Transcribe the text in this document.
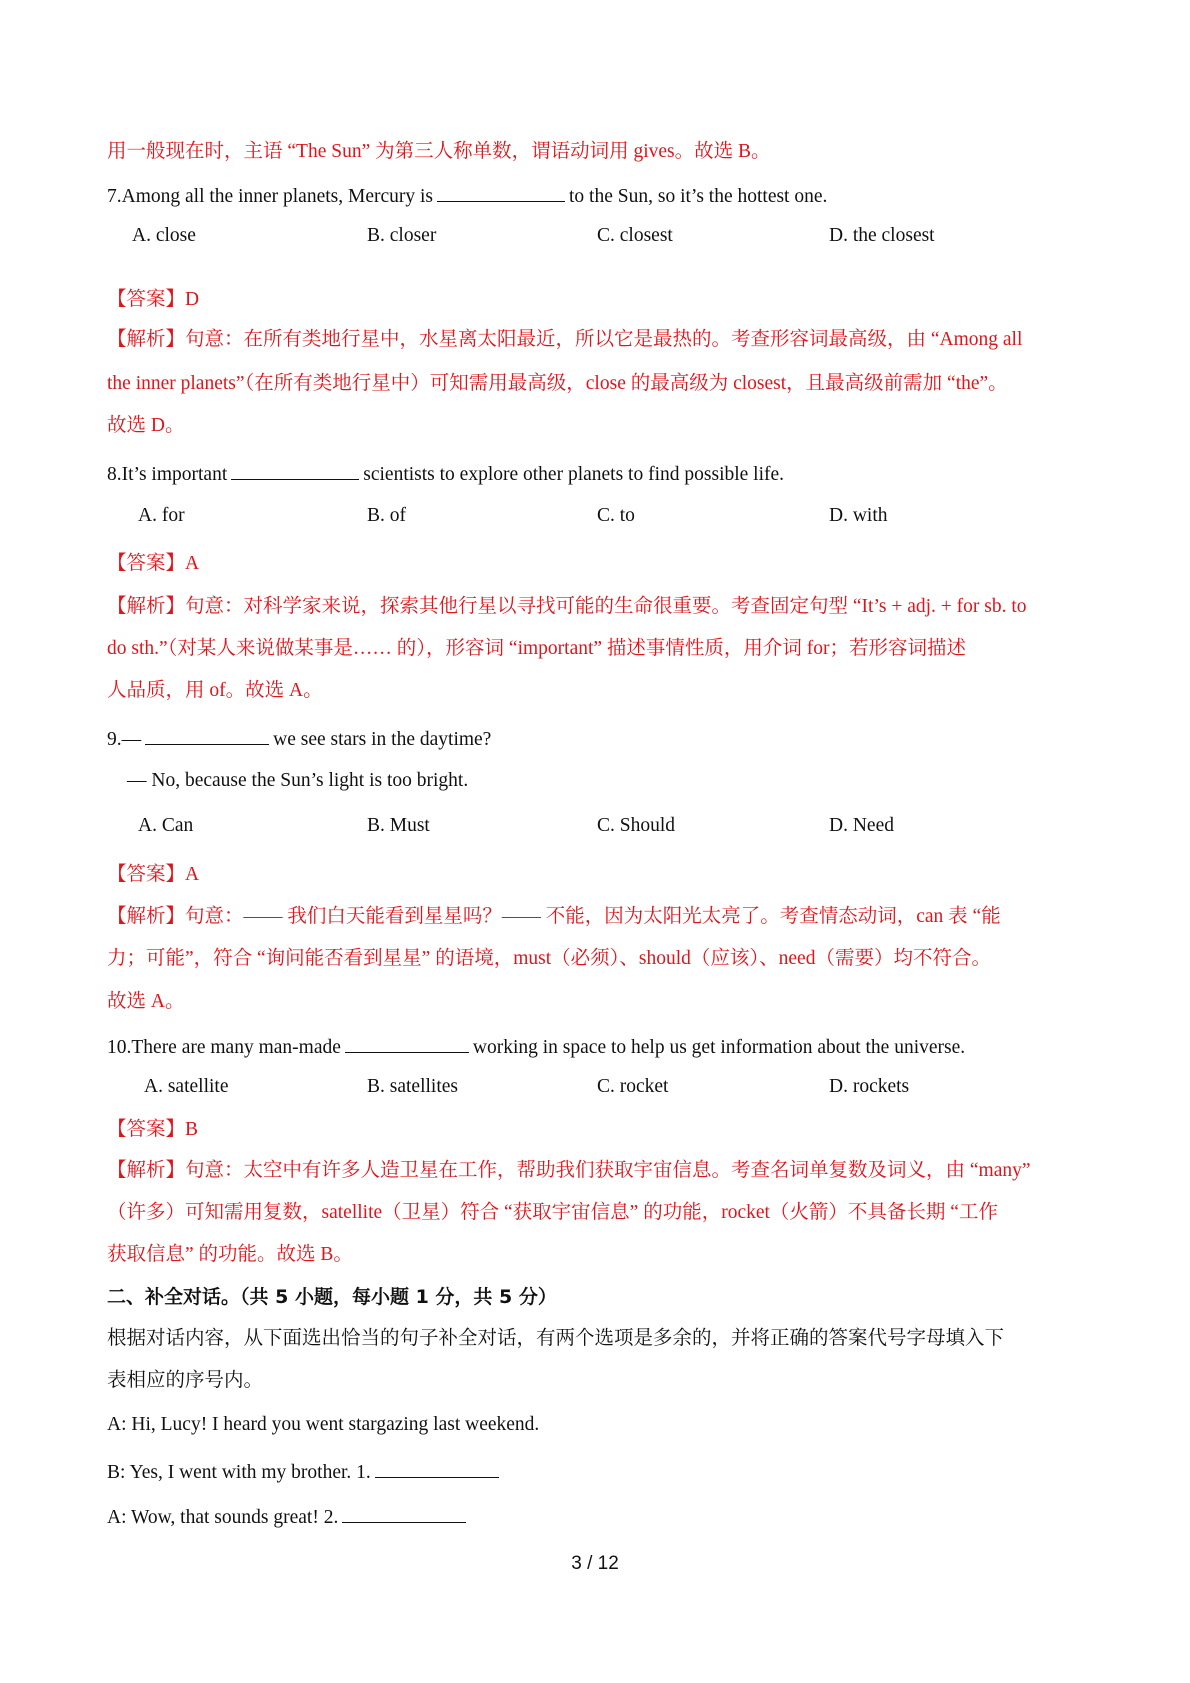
用一般现在时，主语 “The Sun” 为第三人称单数，谓语动词用 gives。故选 B。
7.Among all the inner planets, Mercury is	to the Sun, so it’s the hottest one.
A. close	B. closer	C. closest	D. the closest
【答案】D
【解析】句意：在所有类地行星中，水星离太阳最近，所以它是最热的。考查形容词最高级，由 “Among all
the inner planets”（在所有类地行星中）可知需用最高级，close 的最高级为 closest，且最高级前需加 “the”。
故选 D。
8.It’s important	scientists to explore other planets to find possible life.
A. for	B. of	C. to	D. with
【答案】A
【解析】句意：对科学家来说，探索其他行星以寻找可能的生命很重要。考查固定句型 “It’s + adj. + for sb. to
do sth.”（对某人来说做某事是…… 的），形容词 “important” 描述事情性质，用介词 for；若形容词描述
人品质，用 of。故选 A。
9.—	we see stars in the daytime?
— No, because the Sun’s light is too bright.
A. Can	B. Must	C. Should	D. Need
【答案】A
【解析】句意：—— 我们白天能看到星星吗？—— 不能，因为太阳光太亮了。考查情态动词，can 表 “能
力；可能”，符合 “询问能否看到星星” 的语境，must（必须）、should（应该）、need（需要）均不符合。
故选 A。
10.There are many man-made	working in space to help us get information about the universe.
A. satellite	B. satellites	C. rocket	D. rockets
【答案】B
【解析】句意：太空中有许多人造卫星在工作，帮助我们获取宇宙信息。考查名词单复数及词义，由 “many”
（许多）可知需用复数，satellite（卫星）符合 “获取宇宙信息” 的功能，rocket（火箭）不具备长期 “工作
获取信息” 的功能。故选 B。
二、补全对话。（共 5 小题，每小题 1 分，共 5 分）
根据对话内容，从下面选出恰当的句子补全对话，有两个选项是多余的，并将正确的答案代号字母填入下
表相应的序号内。
A: Hi, Lucy! I heard you went stargazing last weekend.
B: Yes, I went with my brother. 1.
A: Wow, that sounds great! 2.
3 / 12
